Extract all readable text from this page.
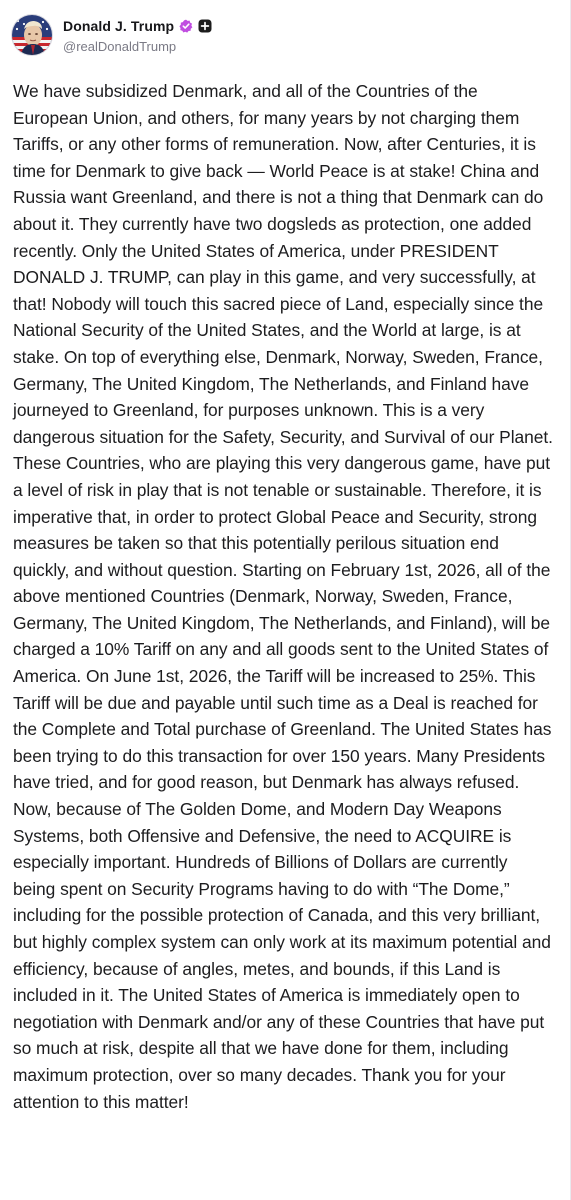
Donald J. Trump
@realDonaldTrump
We have subsidized Denmark, and all of the Countries of the European Union, and others, for many years by not charging them Tariffs, or any other forms of remuneration. Now, after Centuries, it is time for Denmark to give back — World Peace is at stake! China and Russia want Greenland, and there is not a thing that Denmark can do about it. They currently have two dogsleds as protection, one added recently. Only the United States of America, under PRESIDENT DONALD J. TRUMP, can play in this game, and very successfully, at that! Nobody will touch this sacred piece of Land, especially since the National Security of the United States, and the World at large, is at stake. On top of everything else, Denmark, Norway, Sweden, France, Germany, The United Kingdom, The Netherlands, and Finland have journeyed to Greenland, for purposes unknown. This is a very dangerous situation for the Safety, Security, and Survival of our Planet. These Countries, who are playing this very dangerous game, have put a level of risk in play that is not tenable or sustainable. Therefore, it is imperative that, in order to protect Global Peace and Security, strong measures be taken so that this potentially perilous situation end quickly, and without question. Starting on February 1st, 2026, all of the above mentioned Countries (Denmark, Norway, Sweden, France, Germany, The United Kingdom, The Netherlands, and Finland), will be charged a 10% Tariff on any and all goods sent to the United States of America. On June 1st, 2026, the Tariff will be increased to 25%. This Tariff will be due and payable until such time as a Deal is reached for the Complete and Total purchase of Greenland. The United States has been trying to do this transaction for over 150 years. Many Presidents have tried, and for good reason, but Denmark has always refused. Now, because of The Golden Dome, and Modern Day Weapons Systems, both Offensive and Defensive, the need to ACQUIRE is especially important. Hundreds of Billions of Dollars are currently being spent on Security Programs having to do with “The Dome,” including for the possible protection of Canada, and this very brilliant, but highly complex system can only work at its maximum potential and efficiency, because of angles, metes, and bounds, if this Land is included in it. The United States of America is immediately open to negotiation with Denmark and/or any of these Countries that have put so much at risk, despite all that we have done for them, including maximum protection, over so many decades. Thank you for your attention to this matter!
